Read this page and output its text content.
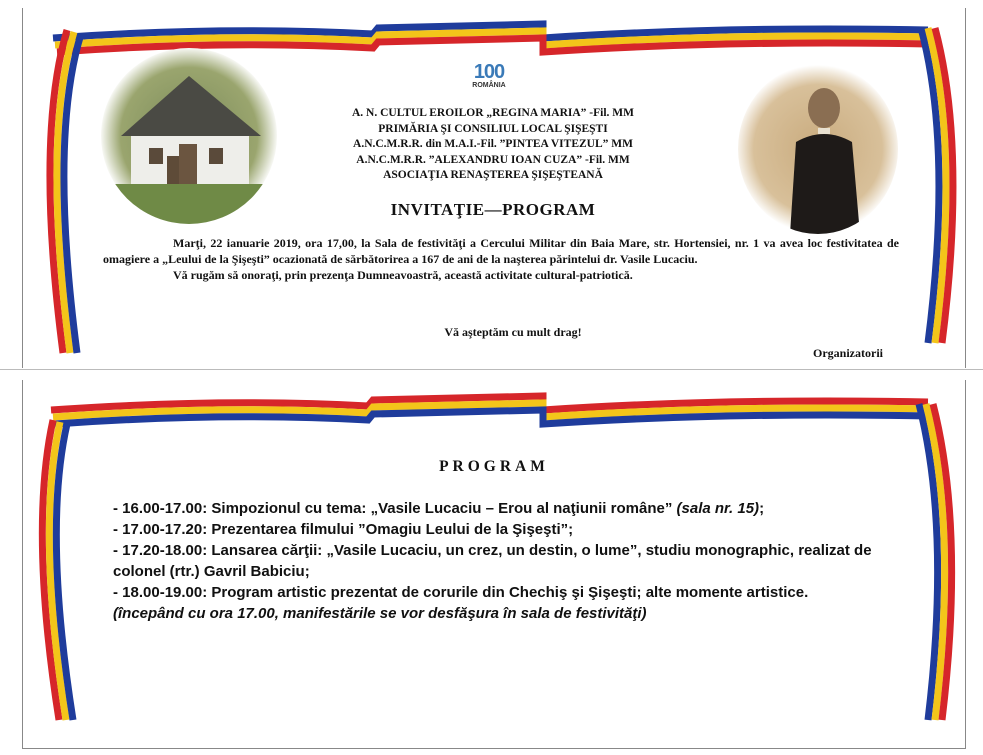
100
ROMÂNIA
A. N. CULTUL EROILOR „REGINA MARIA” -Fil. MM
PRIMĂRIA ŞI CONSILIUL LOCAL ŞIŞEŞTI
A.N.C.M.R.R. din M.A.I.-Fil. ”PINTEA VITEZUL” MM
A.N.C.M.R.R. ”ALEXANDRU IOAN CUZA” -Fil. MM
ASOCIAŢIA RENAŞTEREA ŞIŞEŞTEANĂ
INVITAŢIE—PROGRAM

Marţi, 22 ianuarie 2019, ora 17,00, la Sala de festivităţi a Cercului Militar din Baia Mare, str. Hortensiei, nr. 1 va avea loc festivitatea de omagiere a „Leului de la Şişeşti” ocazionată de sărbătorirea a 167 de ani de la naşterea părintelui dr. Vasile Lucaciu.

Vă rugăm să onoraţi, prin prezenţa Dumneavoastră, această activitate cultural-patriotică.

Vă aşteptăm cu mult drag!
Organizatorii
PROGRAM
- 16.00-17.00: Simpozionul cu tema: „Vasile Lucaciu – Erou al naţiunii române” (sala nr. 15);
- 17.00-17.20: Prezentarea filmului ”Omagiu Leului de la Şişeşti”;
- 17.20-18.00: Lansarea cărţii: „Vasile Lucaciu, un crez, un destin, o lume”, studiu monographic, realizat de colonel (rtr.) Gavril Babiciu;
- 18.00-19.00: Program artistic prezentat de corurile din Chechiş şi Şişeşti; alte momente artistice.
(începând cu ora 17.00, manifestările se vor desfăşura în sala de festivităţi)
